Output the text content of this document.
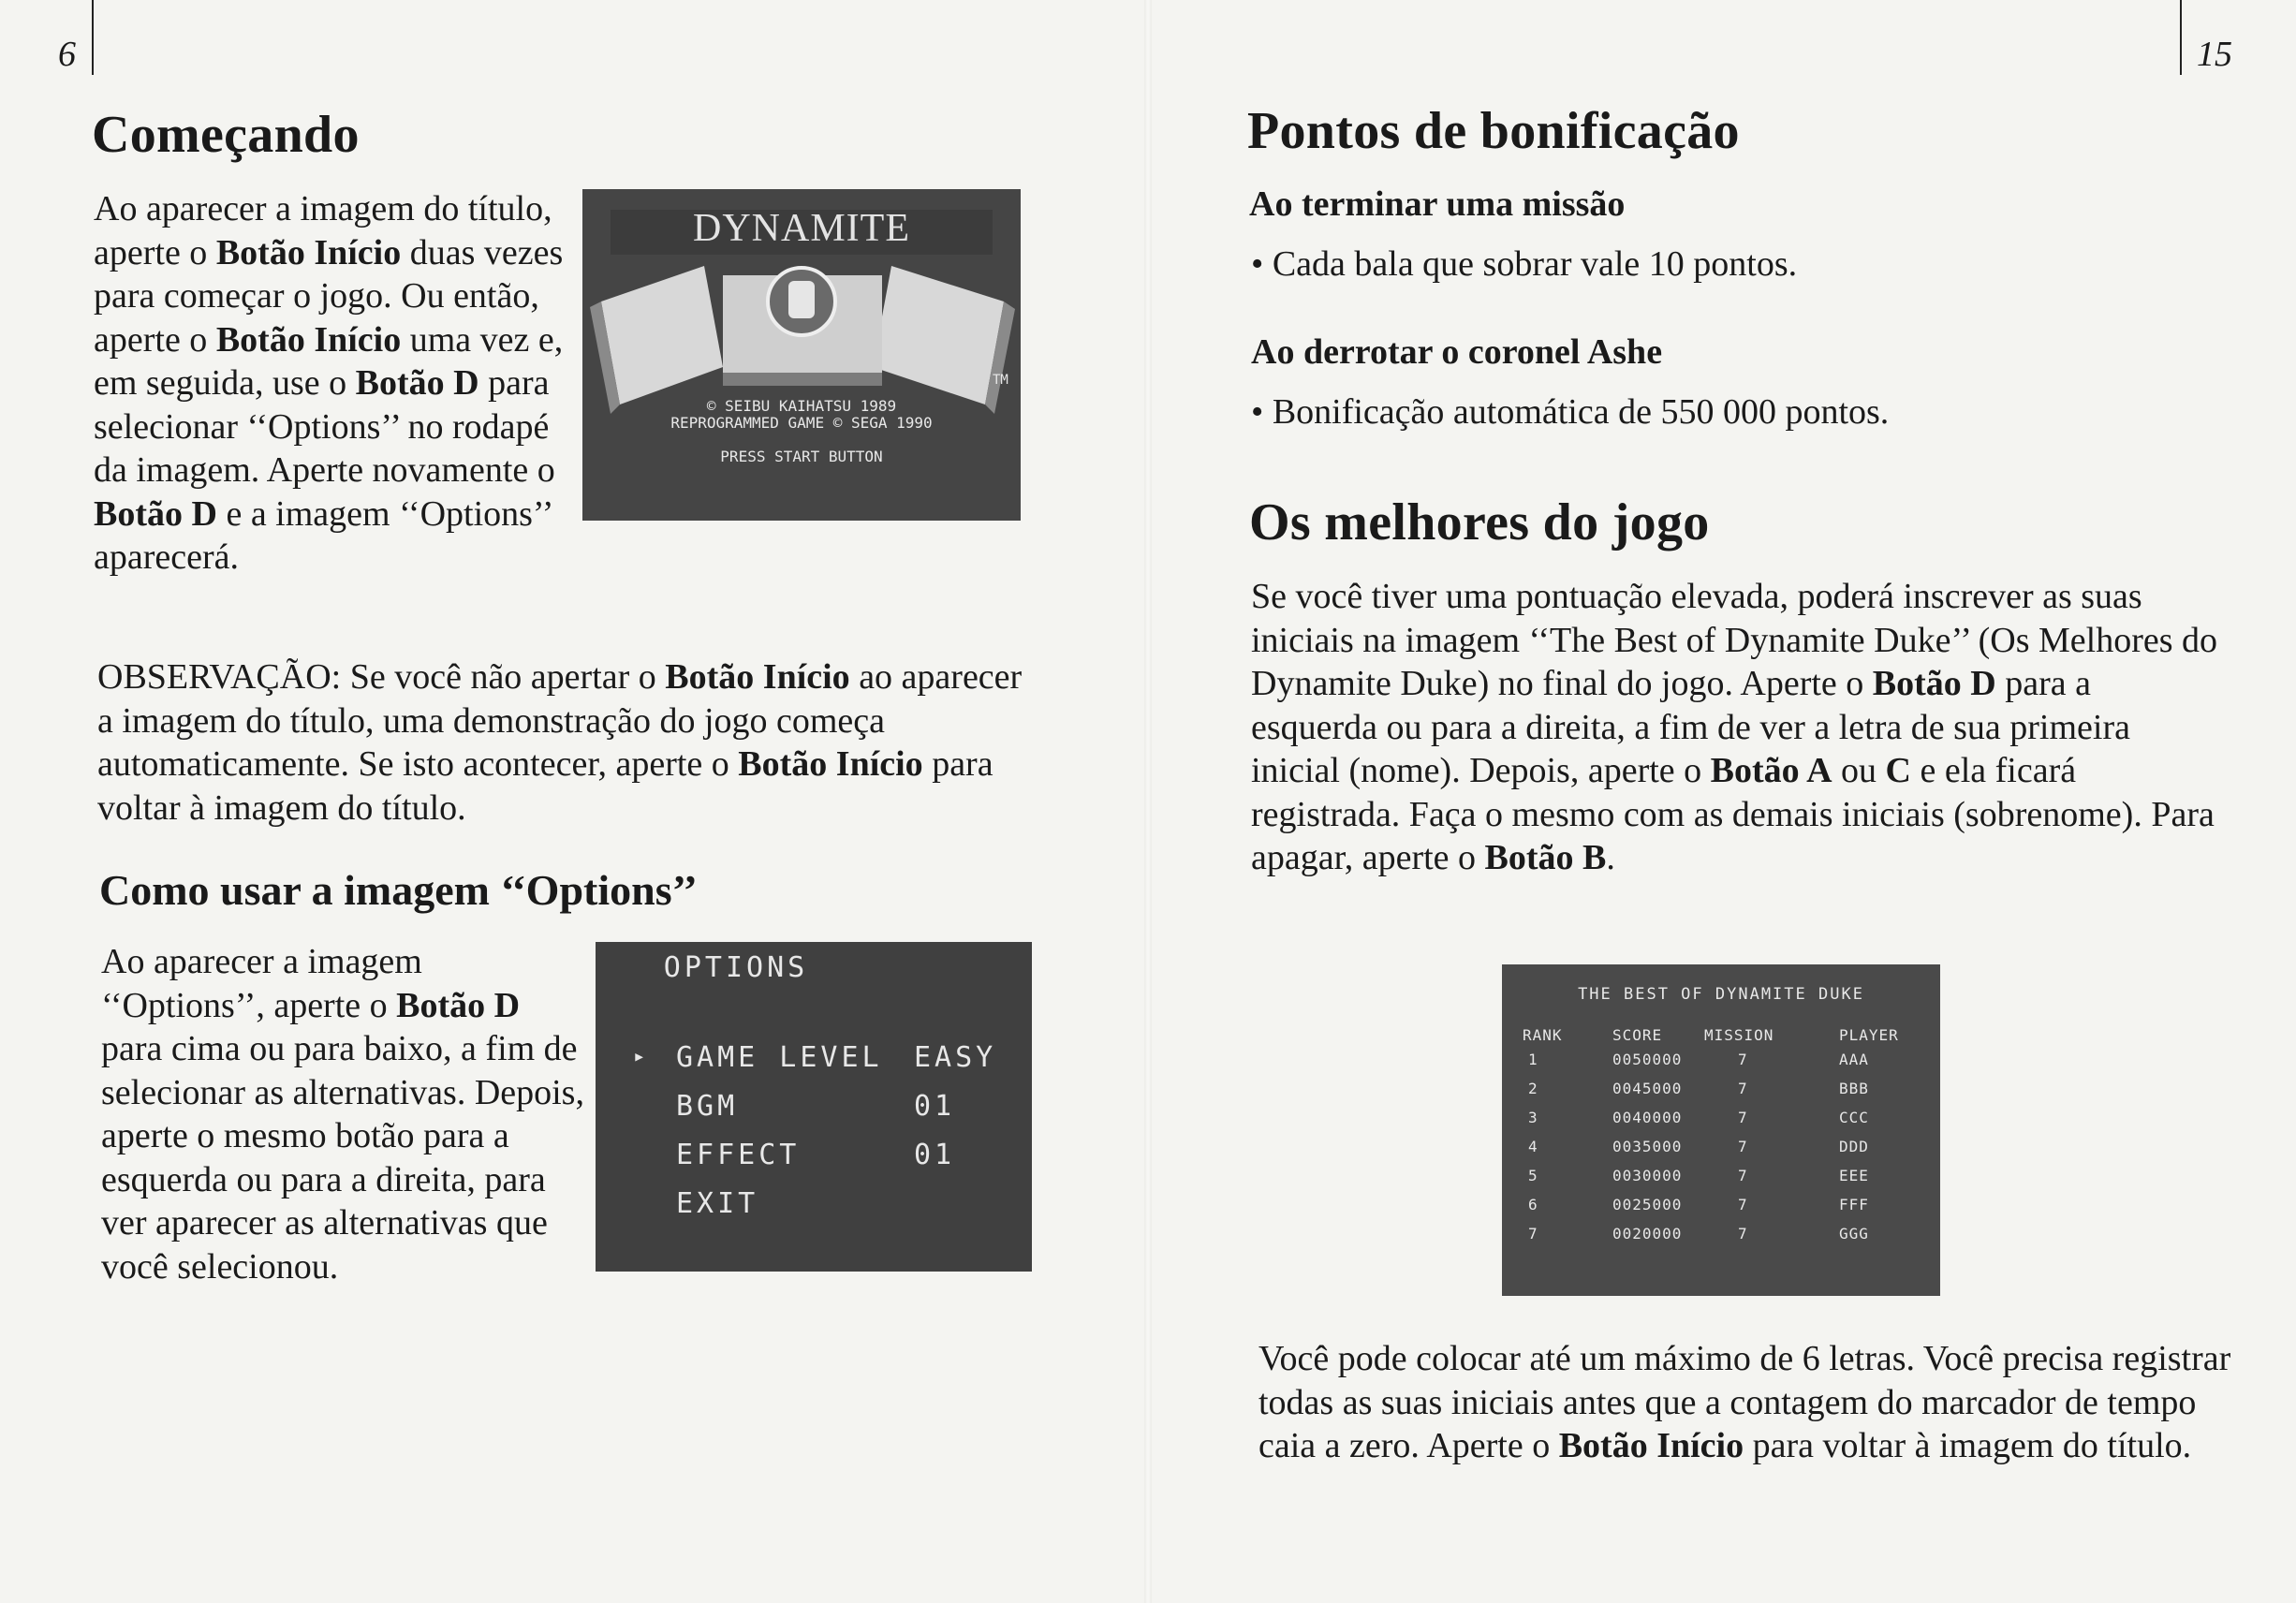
6
Começando
DYNAMITE
TM
© SEIBU KAIHATSU 1989
REPROGRAMMED GAME © SEGA 1990
PRESS START BUTTON

Ao aparecer a imagem do título, aperte o Botão Início duas vezes para começar o jogo. Ou então, aperte o Botão Início uma vez e, em seguida, use o Botão D para selecionar ‘‘Options’’ no rodapé da imagem. Aperte novamente o Botão D e a imagem ‘‘Options’’ aparecerá.

OBSERVAÇÃO: Se você não apertar o Botão Início ao aparecer a imagem do título, uma demonstração do jogo começa automaticamente. Se isto acontecer, aperte o Botão Início para voltar à imagem do título.

Como usar a imagem ‘‘Options’’
OPTIONS
▸ GAME LEVEL EASY
BGM	01
EFFECT	01
EXIT

Ao aparecer a imagem ‘‘Options’’, aperte o Botão D para cima ou para baixo, a fim de selecionar as alternativas. Depois, aperte o mesmo botão para a esquerda ou para a direita, para ver aparecer as alternativas que você selecionou.

15
Pontos de bonificação
Ao terminar uma missão

• Cada bala que sobrar vale 10 pontos.

Ao derrotar o coronel Ashe

• Bonificação automática de 550 000 pontos.

Os melhores do jogo

Se você tiver uma pontuação elevada, poderá inscrever as suas iniciais na imagem ‘‘The Best of Dynamite Duke’’ (Os Melhores do Dynamite Duke) no final do jogo. Aperte o Botão D para a esquerda ou para a direita, a fim de ver a letra de sua primeira inicial (nome). Depois, aperte o Botão A ou C e ela ficará registrada. Faça o mesmo com as demais iniciais (sobrenome). Para apagar, aperte o Botão B.

THE BEST OF DYNAMITE DUKE
RANK	SCORE	MISSION	PLAYER
1	0050000	7	AAA
2	0045000	7	BBB
3	0040000	7	CCC
4	0035000	7	DDD
5	0030000	7	EEE
6	0025000	7	FFF
7	0020000	7	GGG

Você pode colocar até um máximo de 6 letras. Você precisa registrar todas as suas iniciais antes que a contagem do marcador de tempo caia a zero. Aperte o Botão Início para voltar à imagem do título.
